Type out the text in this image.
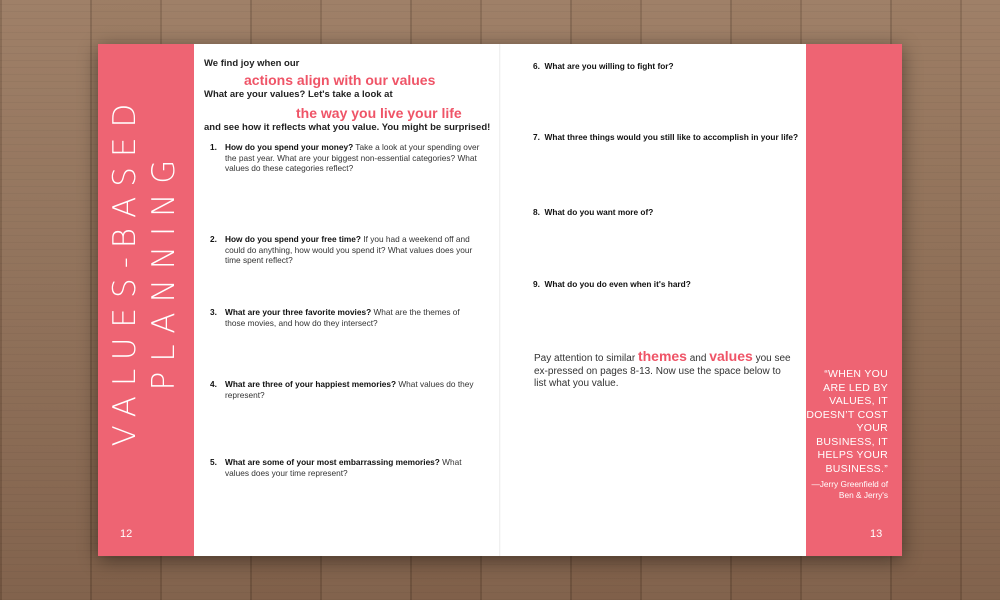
VALUES-BASED PLANNING
12
We find joy when our
actions align with our values
What are your values? Let's take a look at
the way you live your life
and see how it reflects what you value. You might be surprised!
1. How do you spend your money? Take a look at your spending over the past year. What are your biggest non-essential categories? What values do these categories reflect?
2. How do you spend your free time? If you had a weekend off and could do anything, how would you spend it? What values does your time spent reflect?
3. What are your three favorite movies? What are the themes of those movies, and how do they intersect?
4. What are three of your happiest memories? What values do they represent?
5. What are some of your most embarrassing memories? What values does your time represent?
6. What are you willing to fight for?
7. What three things would you still like to accomplish in your life?
8. What do you want more of?
9. What do you do even when it's hard?
Pay attention to similar themes and values you see ex-pressed on pages 8-13. Now use the space below to list what you value.
13
“WHEN YOU ARE LED BY VALUES, IT DOESN’T COST YOUR BUSINESS, IT HELPS YOUR BUSINESS.”
—Jerry Greenfield of Ben & Jerry's
